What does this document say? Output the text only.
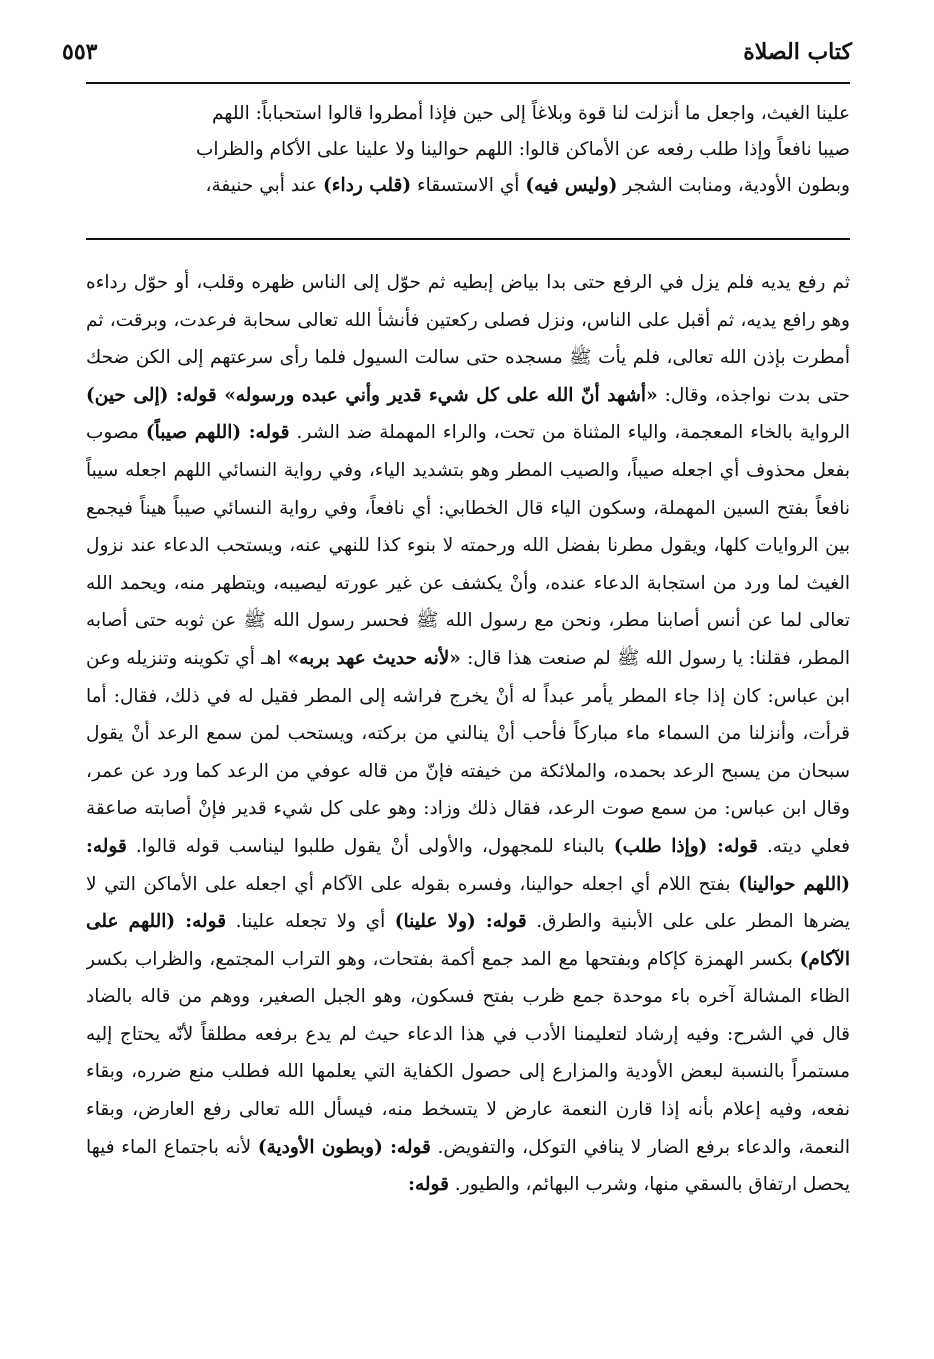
٥٥٣	كتاب الصلاة

علينا الغيث، واجعل ما أنزلت لنا قوة وبلاغاً إلى حين فإذا أمطروا قالوا استحباباً: اللهم

صيبا نافعاً وإذا طلب رفعه عن الأماكن قالوا: اللهم حوالينا ولا علينا على الأكام والظراب

وبطون الأودية، ومنابت الشجر (وليس فيه) أي الاستسقاء (قلب رداء) عند أبي حنيفة،

ثم رفع يديه فلم يزل في الرفع حتى بدا بياض إبطيه ثم حوّل إلى الناس ظهره وقلب، أو حوّل رداءه وهو رافع يديه، ثم أقبل على الناس، ونزل فصلى ركعتين فأنشأ الله تعالى سحابة فرعدت، وبرقت، ثم أمطرت بإذن الله تعالى، فلم يأت ﷺ مسجده حتى سالت السيول فلما رأى سرعتهم إلى الكن ضحك حتى بدت نواجذه، وقال: «أشهد أنّ الله على كل شيء قدير وأني عبده ورسوله» قوله: (إلى حين) الرواية بالخاء المعجمة، والياء المثناة من تحت، والراء المهملة ضد الشر. قوله: (اللهم صيباً) مصوب بفعل محذوف أي اجعله صيباً، والصيب المطر وهو بتشديد الياء، وفي رواية النسائي اللهم اجعله سيباً نافعاً بفتح السين المهملة، وسكون الياء قال الخطابي: أي نافعاً، وفي رواية النسائي صيباً هيناً فيجمع بين الروايات كلها، ويقول مطرنا بفضل الله ورحمته لا بنوء كذا للنهي عنه، ويستحب الدعاء عند نزول الغيث لما ورد من استجابة الدعاء عنده، وأنْ يكشف عن غير عورته ليصيبه، ويتطهر منه، ويحمد الله تعالى لما عن أنس أصابنا مطر، ونحن مع رسول الله ﷺ فحسر رسول الله ﷺ عن ثوبه حتى أصابه المطر، فقلنا: يا رسول الله ﷺ لم صنعت هذا قال: «لأنه حديث عهد بربه» اهـ أي تكوينه وتنزيله وعن ابن عباس: كان إذا جاء المطر يأمر عبداً له أنْ يخرج فراشه إلى المطر فقيل له في ذلك، فقال: أما قرأت، وأنزلنا من السماء ماء مباركاً فأحب أنْ ينالني من بركته، ويستحب لمن سمع الرعد أنْ يقول سبحان من يسبح الرعد بحمده، والملائكة من خيفته فإنّ من قاله عوفي من الرعد كما ورد عن عمر، وقال ابن عباس: من سمع صوت الرعد، فقال ذلك وزاد: وهو على كل شيء قدير فإنْ أصابته صاعقة فعلي ديته. قوله: (وإذا طلب) بالبناء للمجهول، والأولى أنْ يقول طلبوا ليناسب قوله قالوا. قوله: (اللهم حوالينا) بفتح اللام أي اجعله حوالينا، وفسره بقوله على الآكام أي اجعله على الأماكن التي لا يضرها المطر على على الأبنية والطرق. قوله: (ولا علينا) أي ولا تجعله علينا. قوله: (اللهم على الآكام) بكسر الهمزة كإكام وبفتحها مع المد جمع أكمة بفتحات، وهو التراب المجتمع، والظراب بكسر الظاء المشالة آخره باء موحدة جمع ظرب بفتح فسكون، وهو الجبل الصغير، ووهم من قاله بالضاد قال في الشرح: وفيه إرشاد لتعليمنا الأدب في هذا الدعاء حيث لم يدع برفعه مطلقاً لأنّه يحتاج إليه مستمراً بالنسبة لبعض الأودية والمزارع إلى حصول الكفاية التي يعلمها الله فطلب منع ضرره، وبقاء نفعه، وفيه إعلام بأنه إذا قارن النعمة عارض لا يتسخط منه، فيسأل الله تعالى رفع العارض، وبقاء النعمة، والدعاء برفع الضار لا ينافي التوكل، والتفويض. قوله: (وبطون الأودية) لأنه باجتماع الماء فيها يحصل ارتفاق بالسقي منها، وشرب البهائم، والطيور. قوله:
